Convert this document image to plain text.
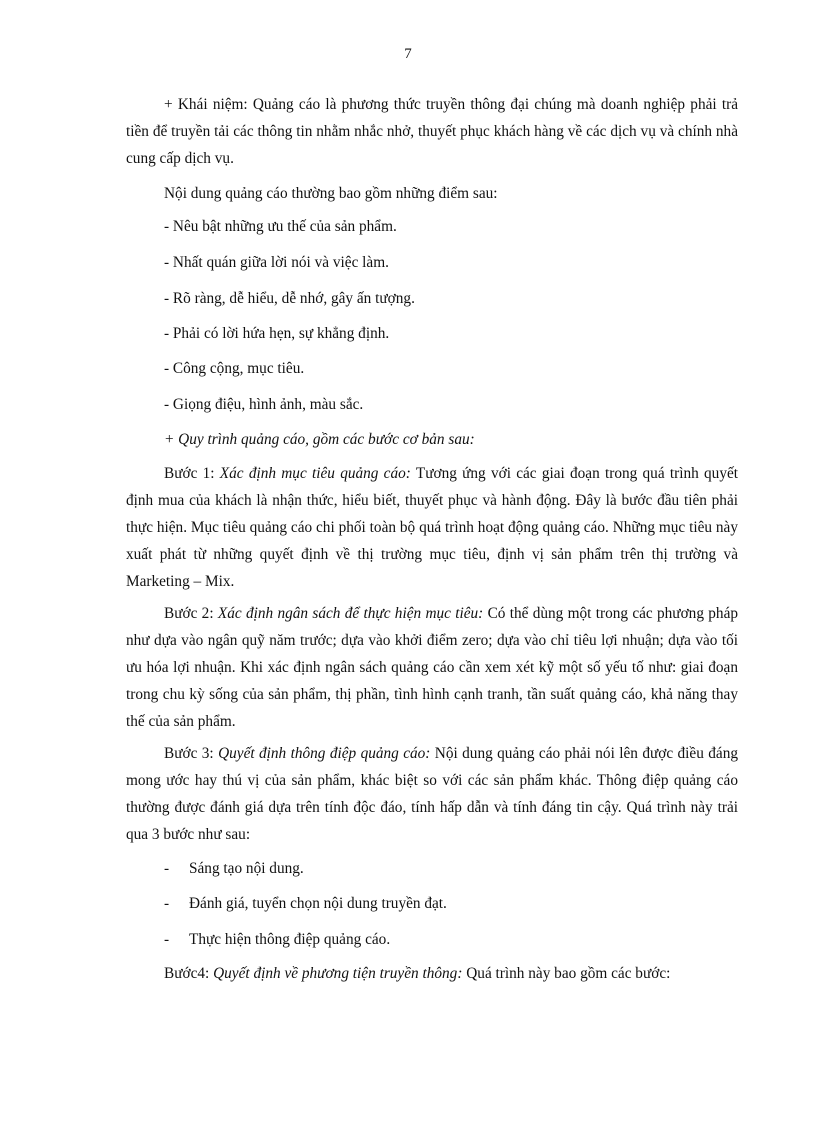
7

+ Khái niệm: Quảng cáo là phương thức truyền thông đại chúng mà doanh nghiệp phải trả tiền để truyền tải các thông tin nhằm nhắc nhở, thuyết phục khách hàng về các dịch vụ và chính nhà cung cấp dịch vụ.

Nội dung quảng cáo thường bao gồm những điểm sau:
- Nêu bật những ưu thế của sản phẩm.
- Nhất quán giữa lời nói và việc làm.
- Rõ ràng, dễ hiểu, dễ nhớ, gây ấn tượng.
- Phải có lời hứa hẹn, sự khẳng định.
- Công cộng, mục tiêu.
- Giọng điệu, hình ảnh, màu sắc.
+ Quy trình quảng cáo, gồm các bước cơ bản sau:

Bước 1: Xác định mục tiêu quảng cáo: Tương ứng với các giai đoạn trong quá trình quyết định mua của khách là nhận thức, hiểu biết, thuyết phục và hành động. Đây là bước đầu tiên phải thực hiện. Mục tiêu quảng cáo chi phối toàn bộ quá trình hoạt động quảng cáo. Những mục tiêu này xuất phát từ những quyết định về thị trường mục tiêu, định vị sản phẩm trên thị trường và Marketing – Mix.

Bước 2: Xác định ngân sách để thực hiện mục tiêu: Có thể dùng một trong các phương pháp như dựa vào ngân quỹ năm trước; dựa vào khởi điểm zero; dựa vào chỉ tiêu lợi nhuận; dựa vào tối ưu hóa lợi nhuận. Khi xác định ngân sách quảng cáo cần xem xét kỹ một số yếu tố như: giai đoạn trong chu kỳ sống của sản phẩm, thị phần, tình hình cạnh tranh, tần suất quảng cáo, khả năng thay thế của sản phẩm.

Bước 3: Quyết định thông điệp quảng cáo: Nội dung quảng cáo phải nói lên được điều đáng mong ước hay thú vị của sản phẩm, khác biệt so với các sản phẩm khác. Thông điệp quảng cáo thường được đánh giá dựa trên tính độc đáo, tính hấp dẫn và tính đáng tin cậy. Quá trình này trải qua 3 bước như sau:

- Sáng tạo nội dung.
- Đánh giá, tuyển chọn nội dung truyền đạt.
- Thực hiện thông điệp quảng cáo.
Bước4: Quyết định về phương tiện truyền thông: Quá trình này bao gồm các bước:
